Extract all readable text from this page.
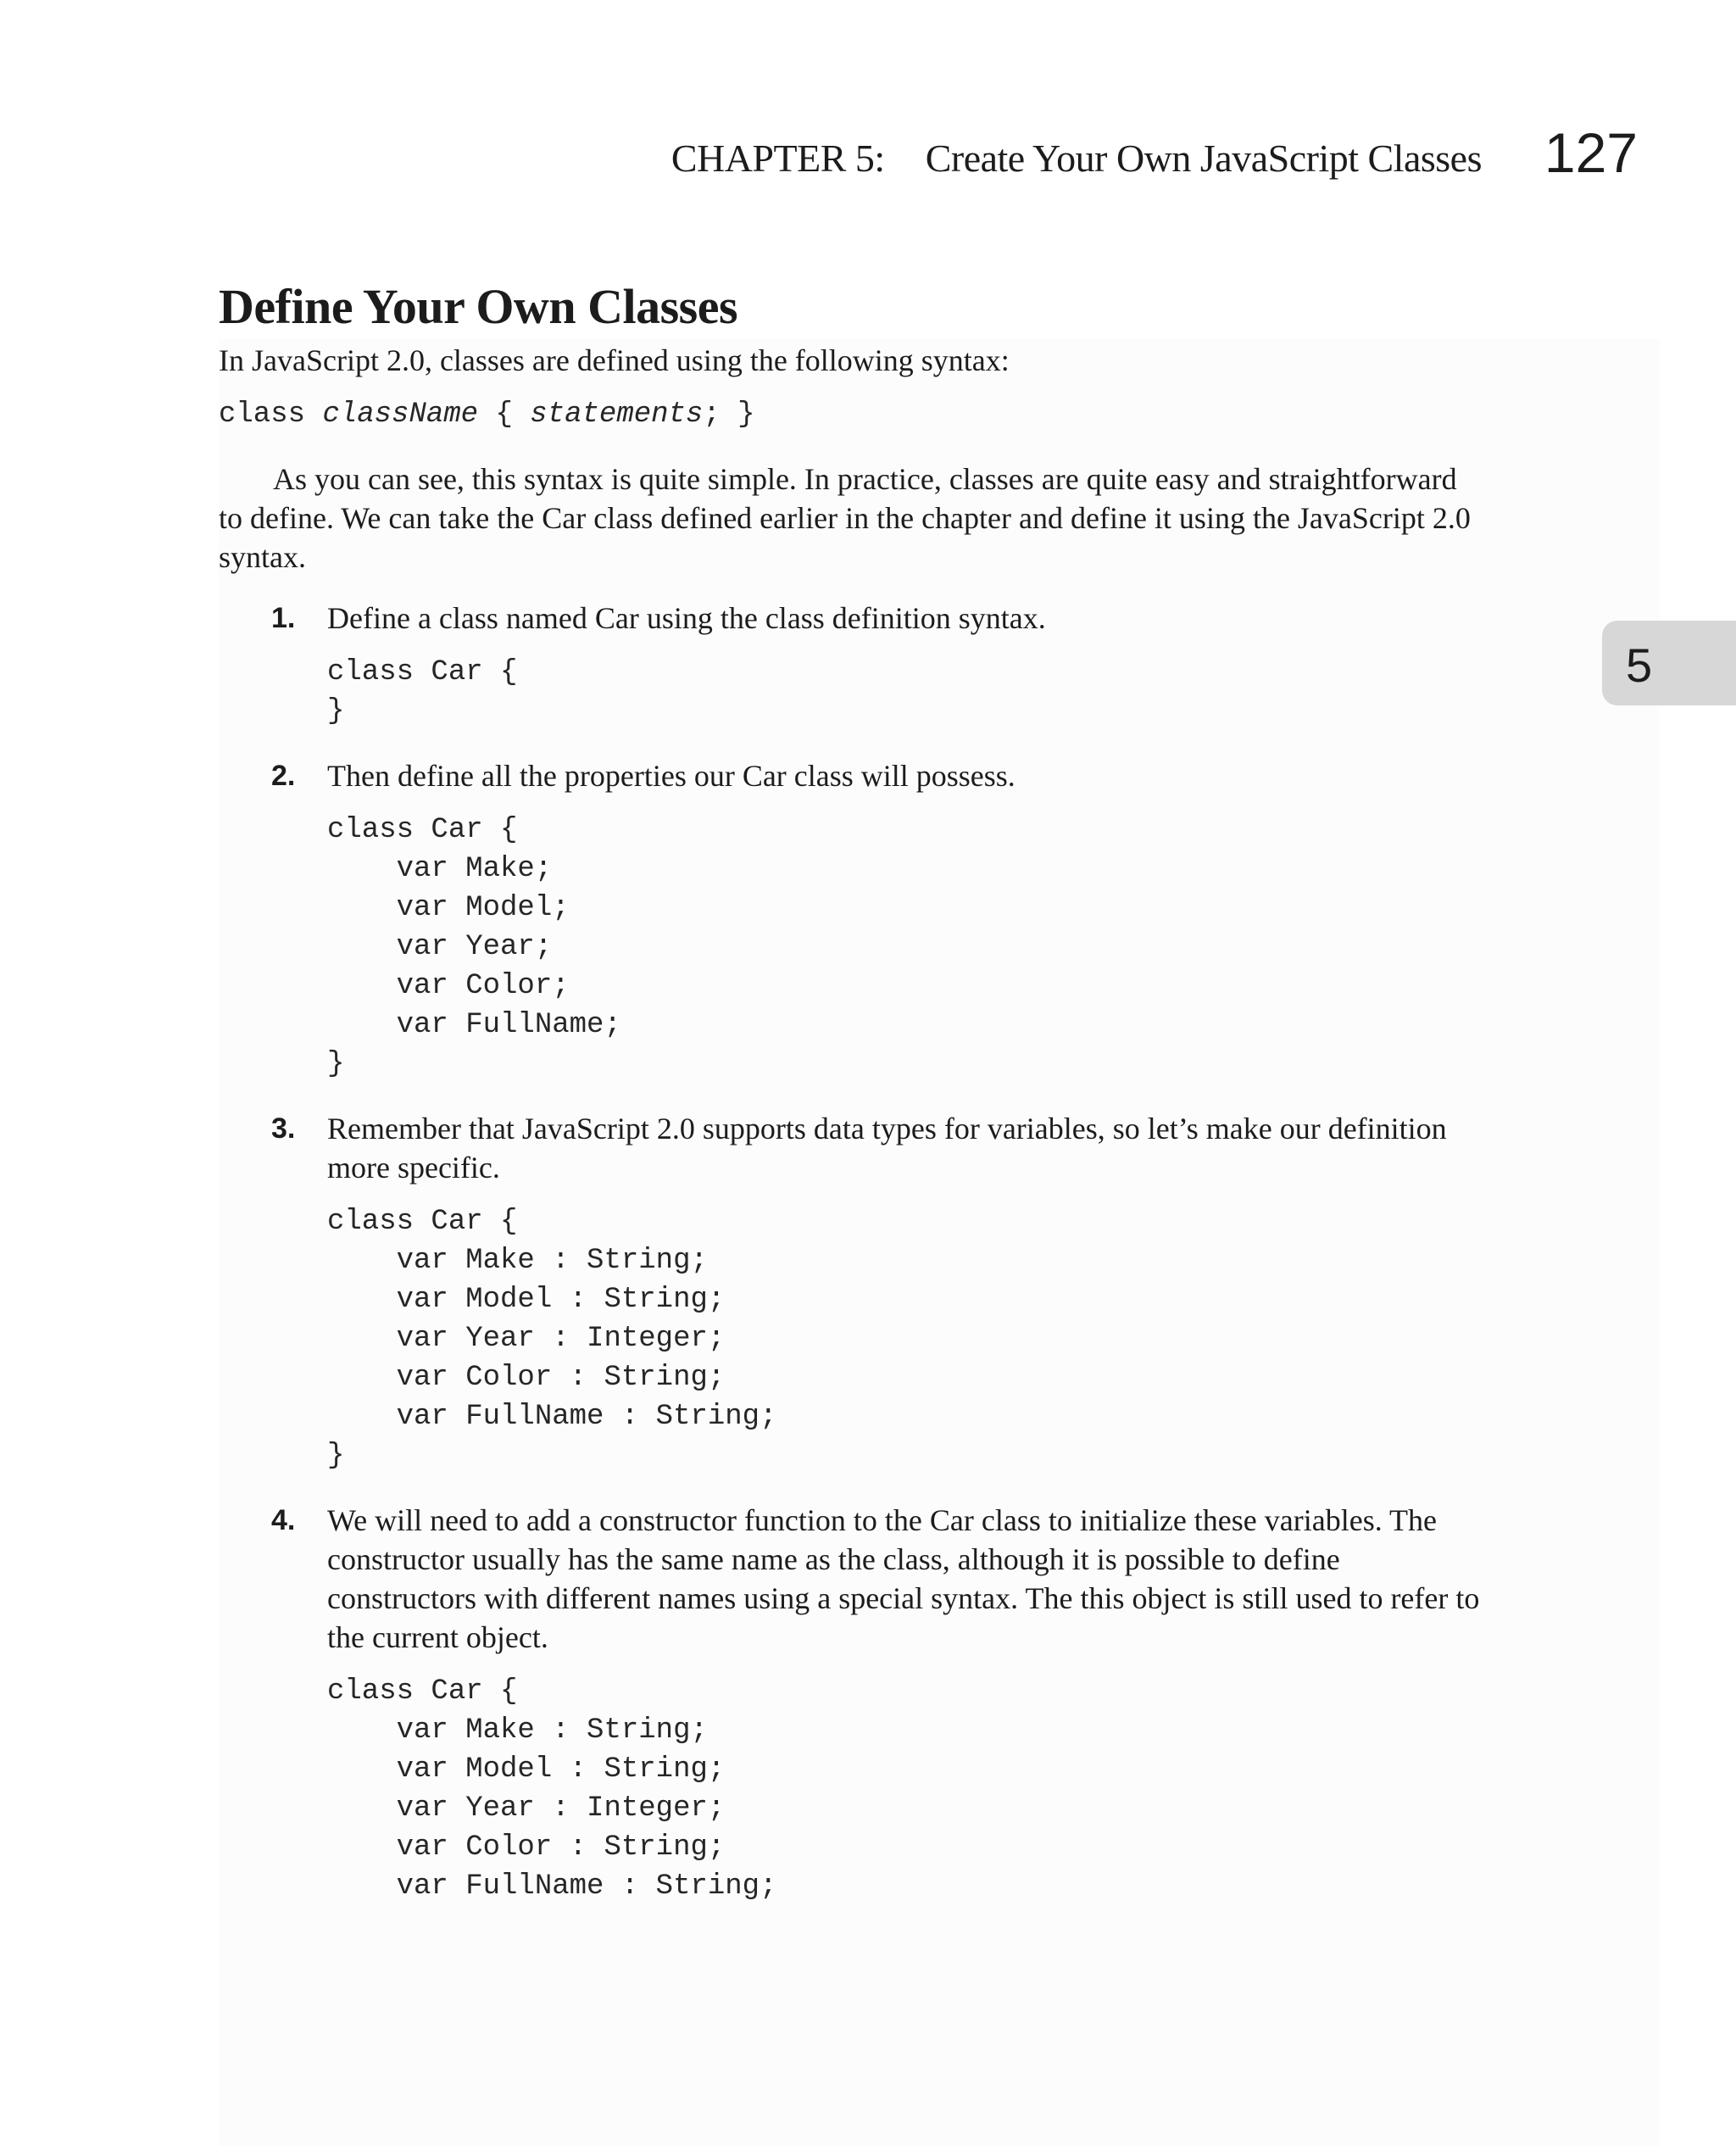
CHAPTER 5: Create Your Own JavaScript Classes 127
5
Define Your Own Classes

In JavaScript 2.0, classes are defined using the following syntax:

class className { statements; }

As you can see, this syntax is quite simple. In practice, classes are quite easy and straightforward to define. We can take the Car class defined earlier in the chapter and define it using the JavaScript 2.0 syntax.

1. Define a class named Car using the class definition syntax.

class Car {
}
2. Then define all the properties our Car class will possess.

class Car {
var Make;
var Model;
var Year;
var Color;
var FullName;
}
3. Remember that JavaScript 2.0 supports data types for variables, so let’s make our definition more specific.

class Car {
var Make : String;
var Model : String;
var Year : Integer;
var Color : String;
var FullName : String;
}
4. We will need to add a constructor function to the Car class to initialize these variables. The constructor usually has the same name as the class, although it is possible to define constructors with different names using a special syntax. The this object is still used to refer to the current object.

class Car {
var Make : String;
var Model : String;
var Year : Integer;
var Color : String;
var FullName : String;
